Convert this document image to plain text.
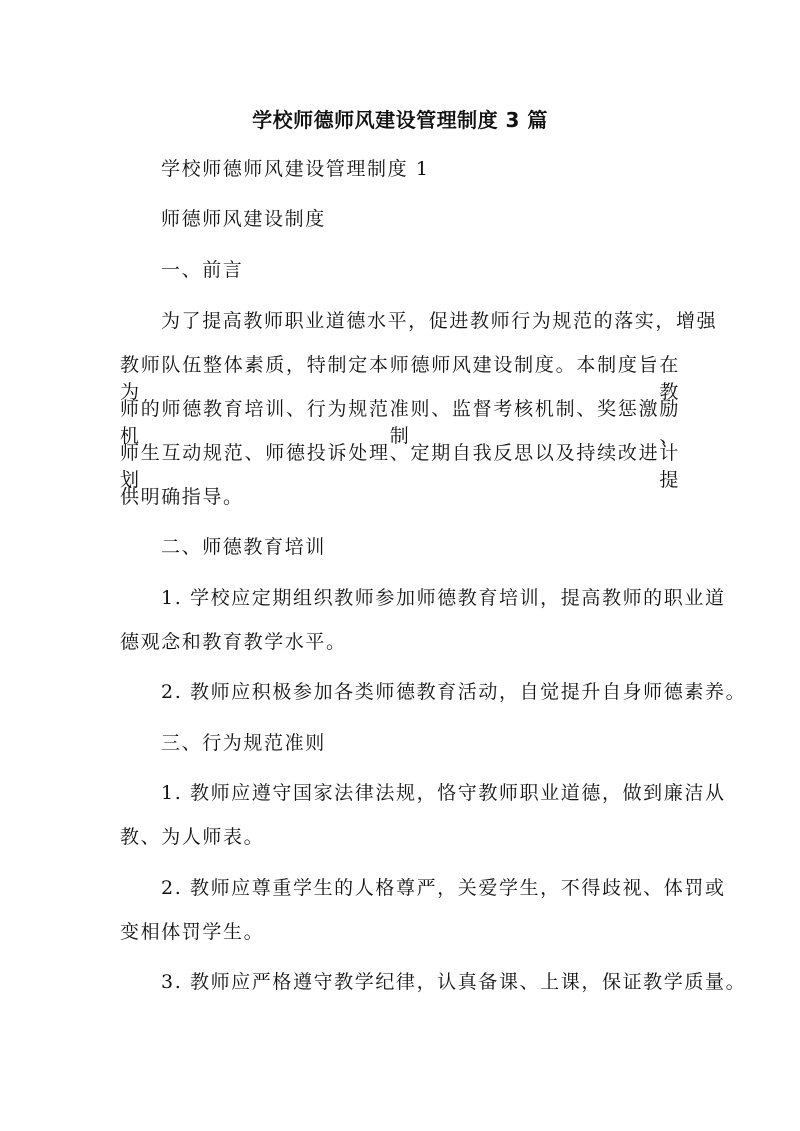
学校师德师风建设管理制度 3 篇
学校师德师风建设管理制度 1
师德师风建设制度
一、前言
为了提高教师职业道德水平，促进教师行为规范的落实，增强
教师队伍整体素质，特制定本师德师风建设制度。本制度旨在为教
师的师德教育培训、行为规范准则、监督考核机制、奖惩激励机制、
师生互动规范、师德投诉处理、定期自我反思以及持续改进计划提
供明确指导。
二、师德教育培训
1. 学校应定期组织教师参加师德教育培训，提高教师的职业道
德观念和教育教学水平。
2. 教师应积极参加各类师德教育活动，自觉提升自身师德素养。
三、行为规范准则
1. 教师应遵守国家法律法规，恪守教师职业道德，做到廉洁从
教、为人师表。
2. 教师应尊重学生的人格尊严，关爱学生，不得歧视、体罚或
变相体罚学生。
3. 教师应严格遵守教学纪律，认真备课、上课，保证教学质量。
